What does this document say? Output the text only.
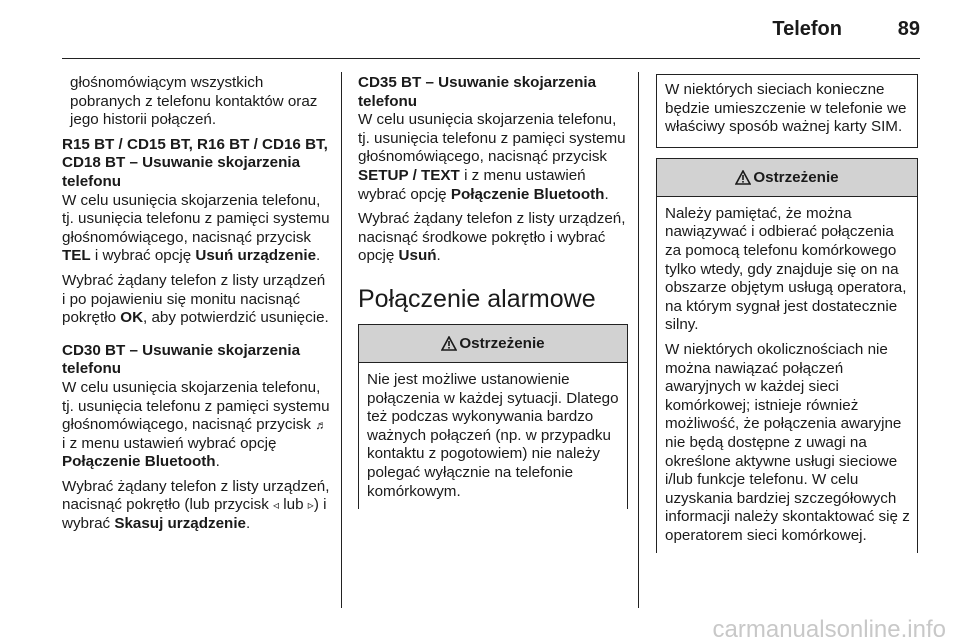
Telefon	89

głośnomówiącym wszystkich pobranych z telefonu kontaktów oraz jego historii połączeń.

R15 BT / CD15 BT, R16 BT / CD16 BT, CD18 BT – Usuwanie skojarzenia telefonu

W celu usunięcia skojarzenia telefonu, tj. usunięcia telefonu z pamięci systemu głośnomówiącego, nacisnąć przycisk TEL i wybrać opcję Usuń urządzenie.

Wybrać żądany telefon z listy urządzeń i po pojawieniu się monitu nacisnąć pokrętło OK, aby potwierdzić usunięcie.

CD30 BT – Usuwanie skojarzenia telefonu

W celu usunięcia skojarzenia telefonu, tj. usunięcia telefonu z pamięci systemu głośnomówiącego, nacisnąć przycisk ♬ i z menu ustawień wybrać opcję Połączenie Bluetooth.

Wybrać żądany telefon z listy urządzeń, nacisnąć pokrętło (lub przycisk ◃ lub ▹) i wybrać Skasuj urządzenie.

CD35 BT – Usuwanie skojarzenia telefonu

W celu usunięcia skojarzenia telefonu, tj. usunięcia telefonu z pamięci systemu głośnomówiącego, nacisnąć przycisk SETUP / TEXT i z menu ustawień wybrać opcję Połączenie Bluetooth.

Wybrać żądany telefon z listy urządzeń, nacisnąć środkowe pokrętło i wybrać opcję Usuń.

Połączenie alarmowe
Ostrzeżenie

Nie jest możliwe ustanowienie połączenia w każdej sytuacji. Dlatego też podczas wykonywania bardzo ważnych połączeń (np. w przypadku kontaktu z pogotowiem) nie należy polegać wyłącznie na telefonie komórkowym.

W niektórych sieciach konieczne będzie umieszczenie w telefonie we właściwy sposób ważnej karty SIM.
Ostrzeżenie

Należy pamiętać, że można nawiązywać i odbierać połączenia za pomocą telefonu komórkowego tylko wtedy, gdy znajduje się on na obszarze objętym usługą operatora, na którym sygnał jest dostatecznie silny.

W niektórych okolicznościach nie można nawiązać połączeń awaryjnych w każdej sieci komórkowej; istnieje również możliwość, że połączenia awaryjne nie będą dostępne z uwagi na określone aktywne usługi sieciowe i/lub funkcje telefonu. W celu uzyskania bardziej szczegółowych informacji należy skontaktować się z operatorem sieci komórkowej.

carmanualsonline.info
